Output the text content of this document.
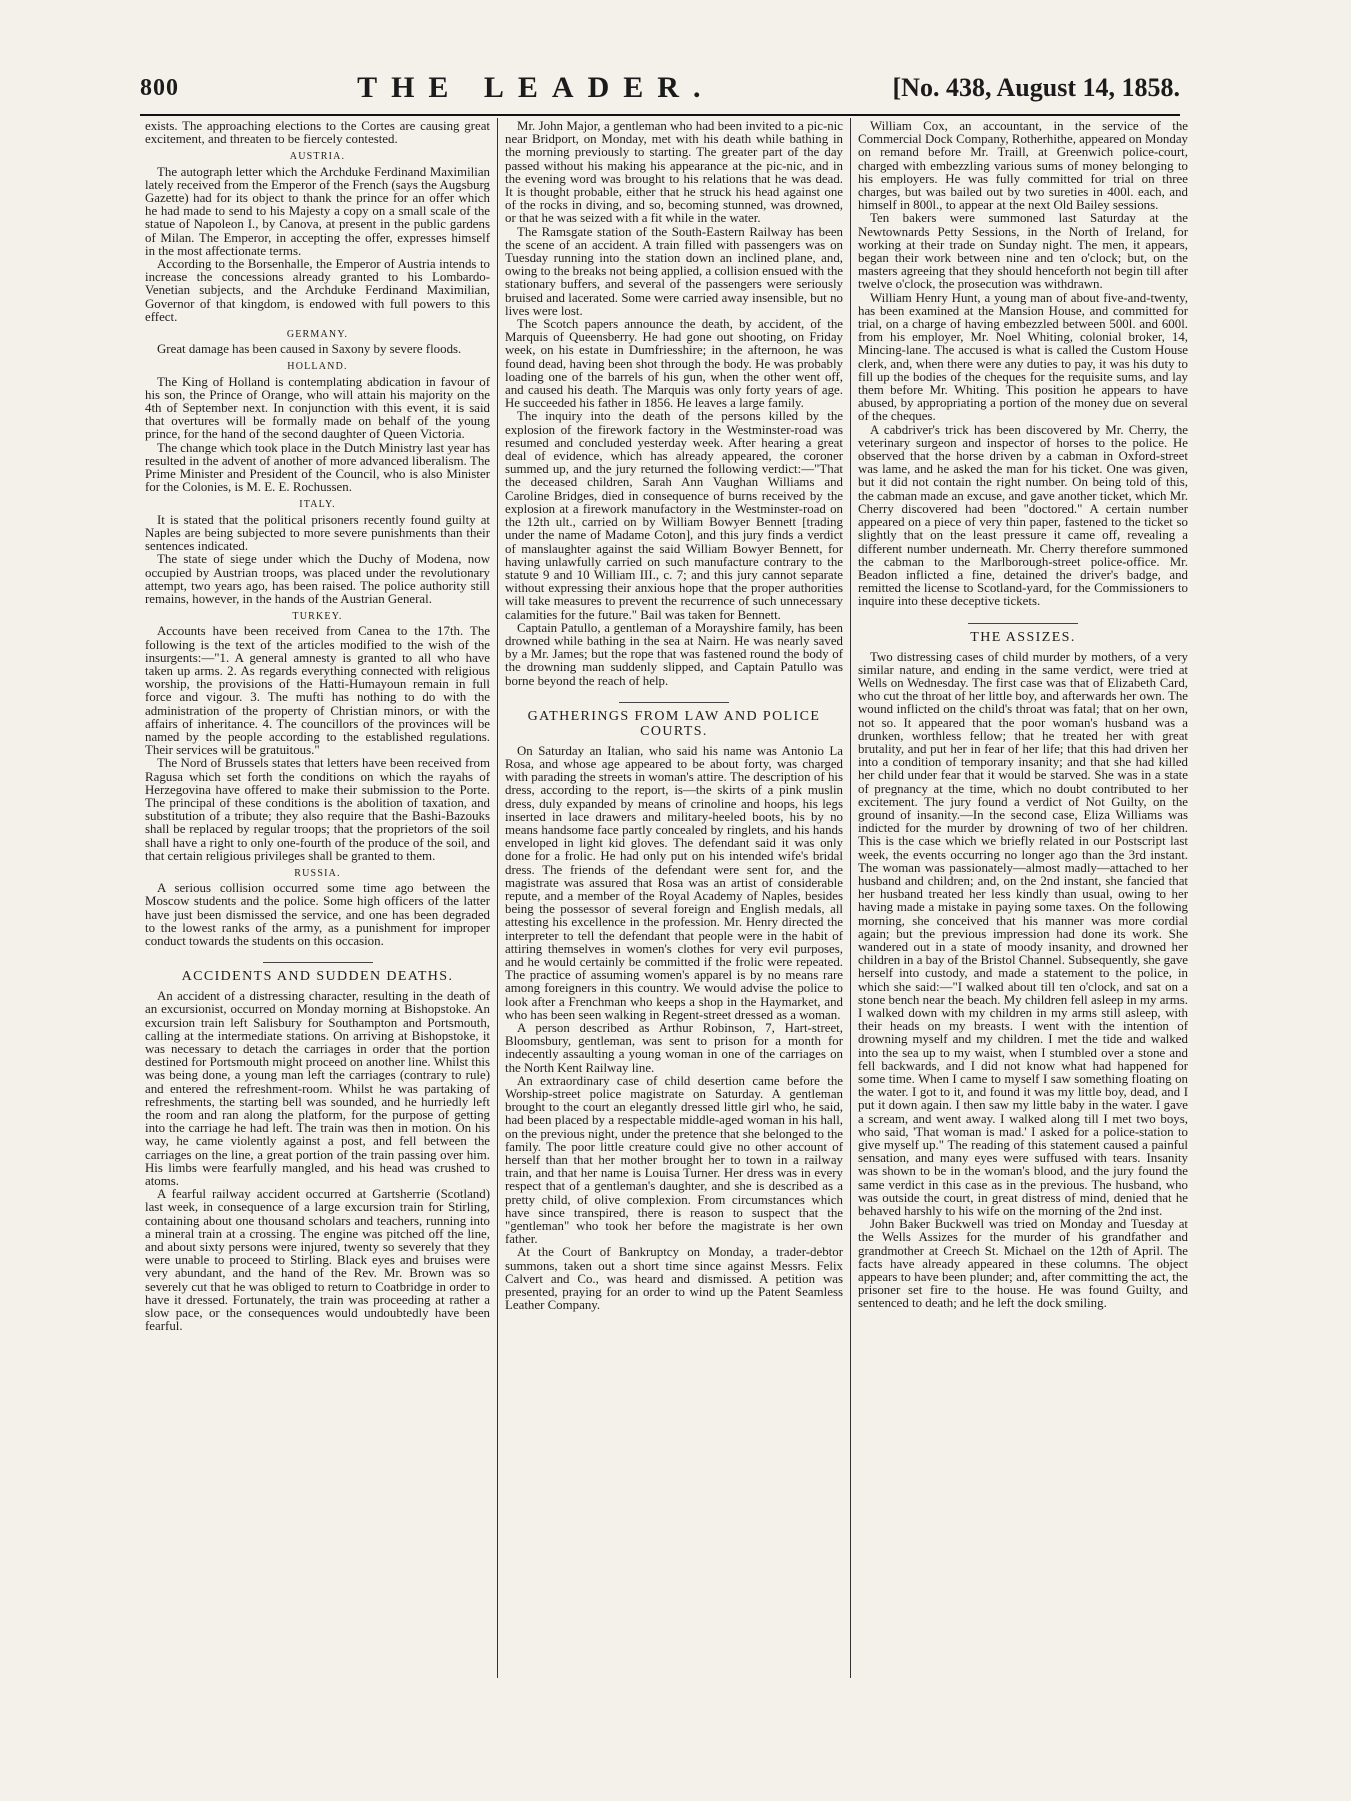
800	THE LEADER.	[No. 438, August 14, 1858.

exists. The approaching elections to the Cortes are causing great excitement, and threaten to be fiercely contested.

AUSTRIA.

The autograph letter which the Archduke Ferdinand Maximilian lately received from the Emperor of the French (says the Augsburg Gazette) had for its object to thank the prince for an offer which he had made to send to his Majesty a copy on a small scale of the statue of Napoleon I., by Canova, at present in the public gardens of Milan. The Emperor, in accepting the offer, expresses himself in the most affectionate terms.

According to the Borsenhalle, the Emperor of Austria intends to increase the concessions already granted to his Lombardo-Venetian subjects, and the Archduke Ferdinand Maximilian, Governor of that kingdom, is endowed with full powers to this effect.

GERMANY.

Great damage has been caused in Saxony by severe floods.

HOLLAND.

The King of Holland is contemplating abdication in favour of his son, the Prince of Orange, who will attain his majority on the 4th of September next. In conjunction with this event, it is said that overtures will be formally made on behalf of the young prince, for the hand of the second daughter of Queen Victoria.

The change which took place in the Dutch Ministry last year has resulted in the advent of another of more advanced liberalism. The Prime Minister and President of the Council, who is also Minister for the Colonies, is M. E. E. Rochussen.

ITALY.

It is stated that the political prisoners recently found guilty at Naples are being subjected to more severe punishments than their sentences indicated.

The state of siege under which the Duchy of Modena, now occupied by Austrian troops, was placed under the revolutionary attempt, two years ago, has been raised. The police authority still remains, however, in the hands of the Austrian General.

TURKEY.

Accounts have been received from Canea to the 17th. The following is the text of the articles modified to the wish of the insurgents:—"1. A general amnesty is granted to all who have taken up arms. 2. As regards everything connected with religious worship, the provisions of the Hatti-Humayoun remain in full force and vigour. 3. The mufti has nothing to do with the administration of the property of Christian minors, or with the affairs of inheritance. 4. The councillors of the provinces will be named by the people according to the established regulations. Their services will be gratuitous."

The Nord of Brussels states that letters have been received from Ragusa which set forth the conditions on which the rayahs of Herzegovina have offered to make their submission to the Porte. The principal of these conditions is the abolition of taxation, and substitution of a tribute; they also require that the Bashi-Bazouks shall be replaced by regular troops; that the proprietors of the soil shall have a right to only one-fourth of the produce of the soil, and that certain religious privileges shall be granted to them.

RUSSIA.

A serious collision occurred some time ago between the Moscow students and the police. Some high officers of the latter have just been dismissed the service, and one has been degraded to the lowest ranks of the army, as a punishment for improper conduct towards the students on this occasion.

ACCIDENTS AND SUDDEN DEATHS.

An accident of a distressing character, resulting in the death of an excursionist, occurred on Monday morning at Bishopstoke. An excursion train left Salisbury for Southampton and Portsmouth, calling at the intermediate stations. On arriving at Bishopstoke, it was necessary to detach the carriages in order that the portion destined for Portsmouth might proceed on another line. Whilst this was being done, a young man left the carriages (contrary to rule) and entered the refreshment-room. Whilst he was partaking of refreshments, the starting bell was sounded, and he hurriedly left the room and ran along the platform, for the purpose of getting into the carriage he had left. The train was then in motion. On his way, he came violently against a post, and fell between the carriages on the line, a great portion of the train passing over him. His limbs were fearfully mangled, and his head was crushed to atoms.

A fearful railway accident occurred at Gartsherrie (Scotland) last week, in consequence of a large excursion train for Stirling, containing about one thousand scholars and teachers, running into a mineral train at a crossing. The engine was pitched off the line, and about sixty persons were injured, twenty so severely that they were unable to proceed to Stirling. Black eyes and bruises were very abundant, and the hand of the Rev. Mr. Brown was so severely cut that he was obliged to return to Coatbridge in order to have it dressed. Fortunately, the train was proceeding at rather a slow pace, or the consequences would undoubtedly have been fearful.

Mr. John Major, a gentleman who had been invited to a pic-nic near Bridport, on Monday, met with his death while bathing in the morning previously to starting. The greater part of the day passed without his making his appearance at the pic-nic, and in the evening word was brought to his relations that he was dead. It is thought probable, either that he struck his head against one of the rocks in diving, and so, becoming stunned, was drowned, or that he was seized with a fit while in the water.

The Ramsgate station of the South-Eastern Railway has been the scene of an accident. A train filled with passengers was on Tuesday running into the station down an inclined plane, and, owing to the breaks not being applied, a collision ensued with the stationary buffers, and several of the passengers were seriously bruised and lacerated. Some were carried away insensible, but no lives were lost.

The Scotch papers announce the death, by accident, of the Marquis of Queensberry. He had gone out shooting, on Friday week, on his estate in Dumfriesshire; in the afternoon, he was found dead, having been shot through the body. He was probably loading one of the barrels of his gun, when the other went off, and caused his death. The Marquis was only forty years of age. He succeeded his father in 1856. He leaves a large family.

The inquiry into the death of the persons killed by the explosion of the firework factory in the Westminster-road was resumed and concluded yesterday week. After hearing a great deal of evidence, which has already appeared, the coroner summed up, and the jury returned the following verdict:—"That the deceased children, Sarah Ann Vaughan Williams and Caroline Bridges, died in consequence of burns received by the explosion at a firework manufactory in the Westminster-road on the 12th ult., carried on by William Bowyer Bennett [trading under the name of Madame Coton], and this jury finds a verdict of manslaughter against the said William Bowyer Bennett, for having unlawfully carried on such manufacture contrary to the statute 9 and 10 William III., c. 7; and this jury cannot separate without expressing their anxious hope that the proper authorities will take measures to prevent the recurrence of such unnecessary calamities for the future." Bail was taken for Bennett.

Captain Patullo, a gentleman of a Morayshire family, has been drowned while bathing in the sea at Nairn. He was nearly saved by a Mr. James; but the rope that was fastened round the body of the drowning man suddenly slipped, and Captain Patullo was borne beyond the reach of help.

GATHERINGS FROM LAW AND POLICE COURTS.

On Saturday an Italian, who said his name was Antonio La Rosa, and whose age appeared to be about forty, was charged with parading the streets in woman's attire. The description of his dress, according to the report, is—the skirts of a pink muslin dress, duly expanded by means of crinoline and hoops, his legs inserted in lace drawers and military-heeled boots, his by no means handsome face partly concealed by ringlets, and his hands enveloped in light kid gloves. The defendant said it was only done for a frolic. He had only put on his intended wife's bridal dress. The friends of the defendant were sent for, and the magistrate was assured that Rosa was an artist of considerable repute, and a member of the Royal Academy of Naples, besides being the possessor of several foreign and English medals, all attesting his excellence in the profession. Mr. Henry directed the interpreter to tell the defendant that people were in the habit of attiring themselves in women's clothes for very evil purposes, and he would certainly be committed if the frolic were repeated. The practice of assuming women's apparel is by no means rare among foreigners in this country. We would advise the police to look after a Frenchman who keeps a shop in the Haymarket, and who has been seen walking in Regent-street dressed as a woman.

A person described as Arthur Robinson, 7, Hart-street, Bloomsbury, gentleman, was sent to prison for a month for indecently assaulting a young woman in one of the carriages on the North Kent Railway line.

An extraordinary case of child desertion came before the Worship-street police magistrate on Saturday. A gentleman brought to the court an elegantly dressed little girl who, he said, had been placed by a respectable middle-aged woman in his hall, on the previous night, under the pretence that she belonged to the family. The poor little creature could give no other account of herself than that her mother brought her to town in a railway train, and that her name is Louisa Turner. Her dress was in every respect that of a gentleman's daughter, and she is described as a pretty child, of olive complexion. From circumstances which have since transpired, there is reason to suspect that the "gentleman" who took her before the magistrate is her own father.

At the Court of Bankruptcy on Monday, a trader-debtor summons, taken out a short time since against Messrs. Felix Calvert and Co., was heard and dismissed. A petition was presented, praying for an order to wind up the Patent Seamless Leather Company.

William Cox, an accountant, in the service of the Commercial Dock Company, Rotherhithe, appeared on Monday on remand before Mr. Traill, at Greenwich police-court, charged with embezzling various sums of money belonging to his employers. He was fully committed for trial on three charges, but was bailed out by two sureties in 400l. each, and himself in 800l., to appear at the next Old Bailey sessions.

Ten bakers were summoned last Saturday at the Newtownards Petty Sessions, in the North of Ireland, for working at their trade on Sunday night. The men, it appears, began their work between nine and ten o'clock; but, on the masters agreeing that they should henceforth not begin till after twelve o'clock, the prosecution was withdrawn.

William Henry Hunt, a young man of about five-and-twenty, has been examined at the Mansion House, and committed for trial, on a charge of having embezzled between 500l. and 600l. from his employer, Mr. Noel Whiting, colonial broker, 14, Mincing-lane. The accused is what is called the Custom House clerk, and, when there were any duties to pay, it was his duty to fill up the bodies of the cheques for the requisite sums, and lay them before Mr. Whiting. This position he appears to have abused, by appropriating a portion of the money due on several of the cheques.

A cabdriver's trick has been discovered by Mr. Cherry, the veterinary surgeon and inspector of horses to the police. He observed that the horse driven by a cabman in Oxford-street was lame, and he asked the man for his ticket. One was given, but it did not contain the right number. On being told of this, the cabman made an excuse, and gave another ticket, which Mr. Cherry discovered had been "doctored." A certain number appeared on a piece of very thin paper, fastened to the ticket so slightly that on the least pressure it came off, revealing a different number underneath. Mr. Cherry therefore summoned the cabman to the Marlborough-street police-office. Mr. Beadon inflicted a fine, detained the driver's badge, and remitted the license to Scotland-yard, for the Commissioners to inquire into these deceptive tickets.

THE ASSIZES.

Two distressing cases of child murder by mothers, of a very similar nature, and ending in the same verdict, were tried at Wells on Wednesday. The first case was that of Elizabeth Card, who cut the throat of her little boy, and afterwards her own. The wound inflicted on the child's throat was fatal; that on her own, not so. It appeared that the poor woman's husband was a drunken, worthless fellow; that he treated her with great brutality, and put her in fear of her life; that this had driven her into a condition of temporary insanity; and that she had killed her child under fear that it would be starved. She was in a state of pregnancy at the time, which no doubt contributed to her excitement. The jury found a verdict of Not Guilty, on the ground of insanity.—In the second case, Eliza Williams was indicted for the murder by drowning of two of her children. This is the case which we briefly related in our Postscript last week, the events occurring no longer ago than the 3rd instant. The woman was passionately—almost madly—attached to her husband and children; and, on the 2nd instant, she fancied that her husband treated her less kindly than usual, owing to her having made a mistake in paying some taxes. On the following morning, she conceived that his manner was more cordial again; but the previous impression had done its work. She wandered out in a state of moody insanity, and drowned her children in a bay of the Bristol Channel. Subsequently, she gave herself into custody, and made a statement to the police, in which she said:—"I walked about till ten o'clock, and sat on a stone bench near the beach. My children fell asleep in my arms. I walked down with my children in my arms still asleep, with their heads on my breasts. I went with the intention of drowning myself and my children. I met the tide and walked into the sea up to my waist, when I stumbled over a stone and fell backwards, and I did not know what had happened for some time. When I came to myself I saw something floating on the water. I got to it, and found it was my little boy, dead, and I put it down again. I then saw my little baby in the water. I gave a scream, and went away. I walked along till I met two boys, who said, 'That woman is mad.' I asked for a police-station to give myself up." The reading of this statement caused a painful sensation, and many eyes were suffused with tears. Insanity was shown to be in the woman's blood, and the jury found the same verdict in this case as in the previous. The husband, who was outside the court, in great distress of mind, denied that he behaved harshly to his wife on the morning of the 2nd inst.

John Baker Buckwell was tried on Monday and Tuesday at the Wells Assizes for the murder of his grandfather and grandmother at Creech St. Michael on the 12th of April. The facts have already appeared in these columns. The object appears to have been plunder; and, after committing the act, the prisoner set fire to the house. He was found Guilty, and sentenced to death; and he left the dock smiling.
